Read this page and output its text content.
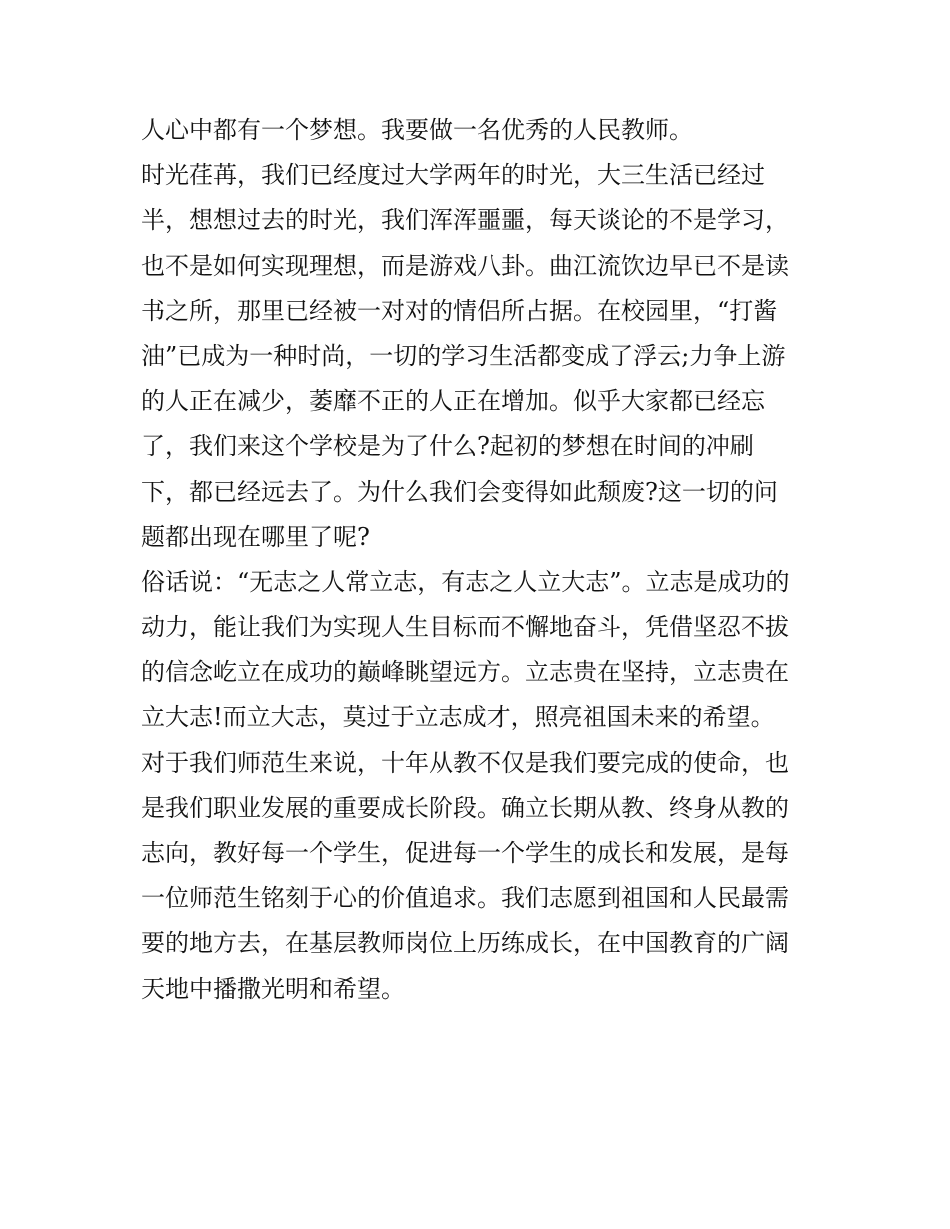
人心中都有一个梦想。我要做一名优秀的人民教师。
时光荏苒，我们已经度过大学两年的时光，大三生活已经过
半，想想过去的时光，我们浑浑噩噩，每天谈论的不是学习，
也不是如何实现理想，而是游戏八卦。曲江流饮边早已不是读
书之所，那里已经被一对对的情侣所占据。在校园里，“打酱
油”已成为一种时尚，一切的学习生活都变成了浮云;力争上游
的人正在减少，萎靡不正的人正在增加。似乎大家都已经忘
了，我们来这个学校是为了什么?起初的梦想在时间的冲刷
下，都已经远去了。为什么我们会变得如此颓废?这一切的问
题都出现在哪里了呢?
俗话说：“无志之人常立志，有志之人立大志”。立志是成功的
动力，能让我们为实现人生目标而不懈地奋斗，凭借坚忍不拔
的信念屹立在成功的巅峰眺望远方。立志贵在坚持，立志贵在
立大志!而立大志，莫过于立志成才，照亮祖国未来的希望。
对于我们师范生来说，十年从教不仅是我们要完成的使命，也
是我们职业发展的重要成长阶段。确立长期从教、终身从教的
志向，教好每一个学生，促进每一个学生的成长和发展，是每
一位师范生铭刻于心的价值追求。我们志愿到祖国和人民最需
要的地方去，在基层教师岗位上历练成长，在中国教育的广阔
天地中播撒光明和希望。
